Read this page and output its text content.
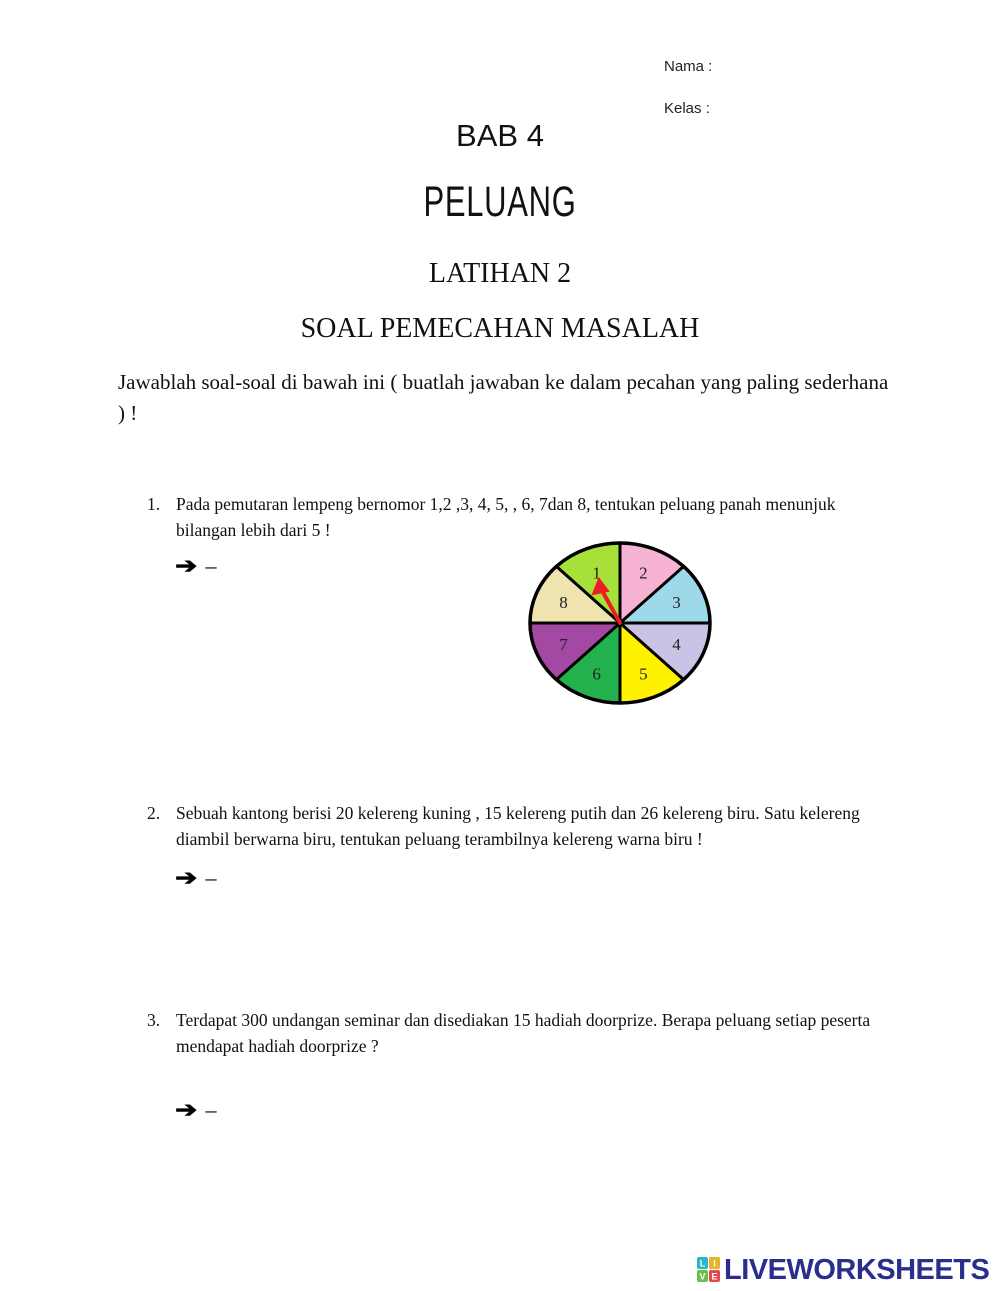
Nama :
Kelas :
BAB 4
PELUANG
LATIHAN 2
SOAL PEMECAHAN MASALAH
Jawablah soal-soal di bawah ini ( buatlah jawaban ke dalam pecahan yang paling sederhana ) !
1. Pada pemutaran lempeng bernomor 1,2 ,3, 4, 5, , 6, 7dan 8, tentukan peluang panah menunjuk bilangan lebih dari 5 !
➔ –	1 2
3
4
5
6
7
8
2. Sebuah kantong berisi 20 kelereng kuning , 15 kelereng putih dan 26 kelereng biru. Satu kelereng diambil berwarna biru, tentukan peluang terambilnya kelereng warna biru !
➔ –
3. Terdapat 300 undangan seminar dan disediakan 15 hadiah doorprize. Berapa peluang setiap peserta mendapat hadiah doorprize ?
➔ –
L I
V E LIVEWORKSHEETS
